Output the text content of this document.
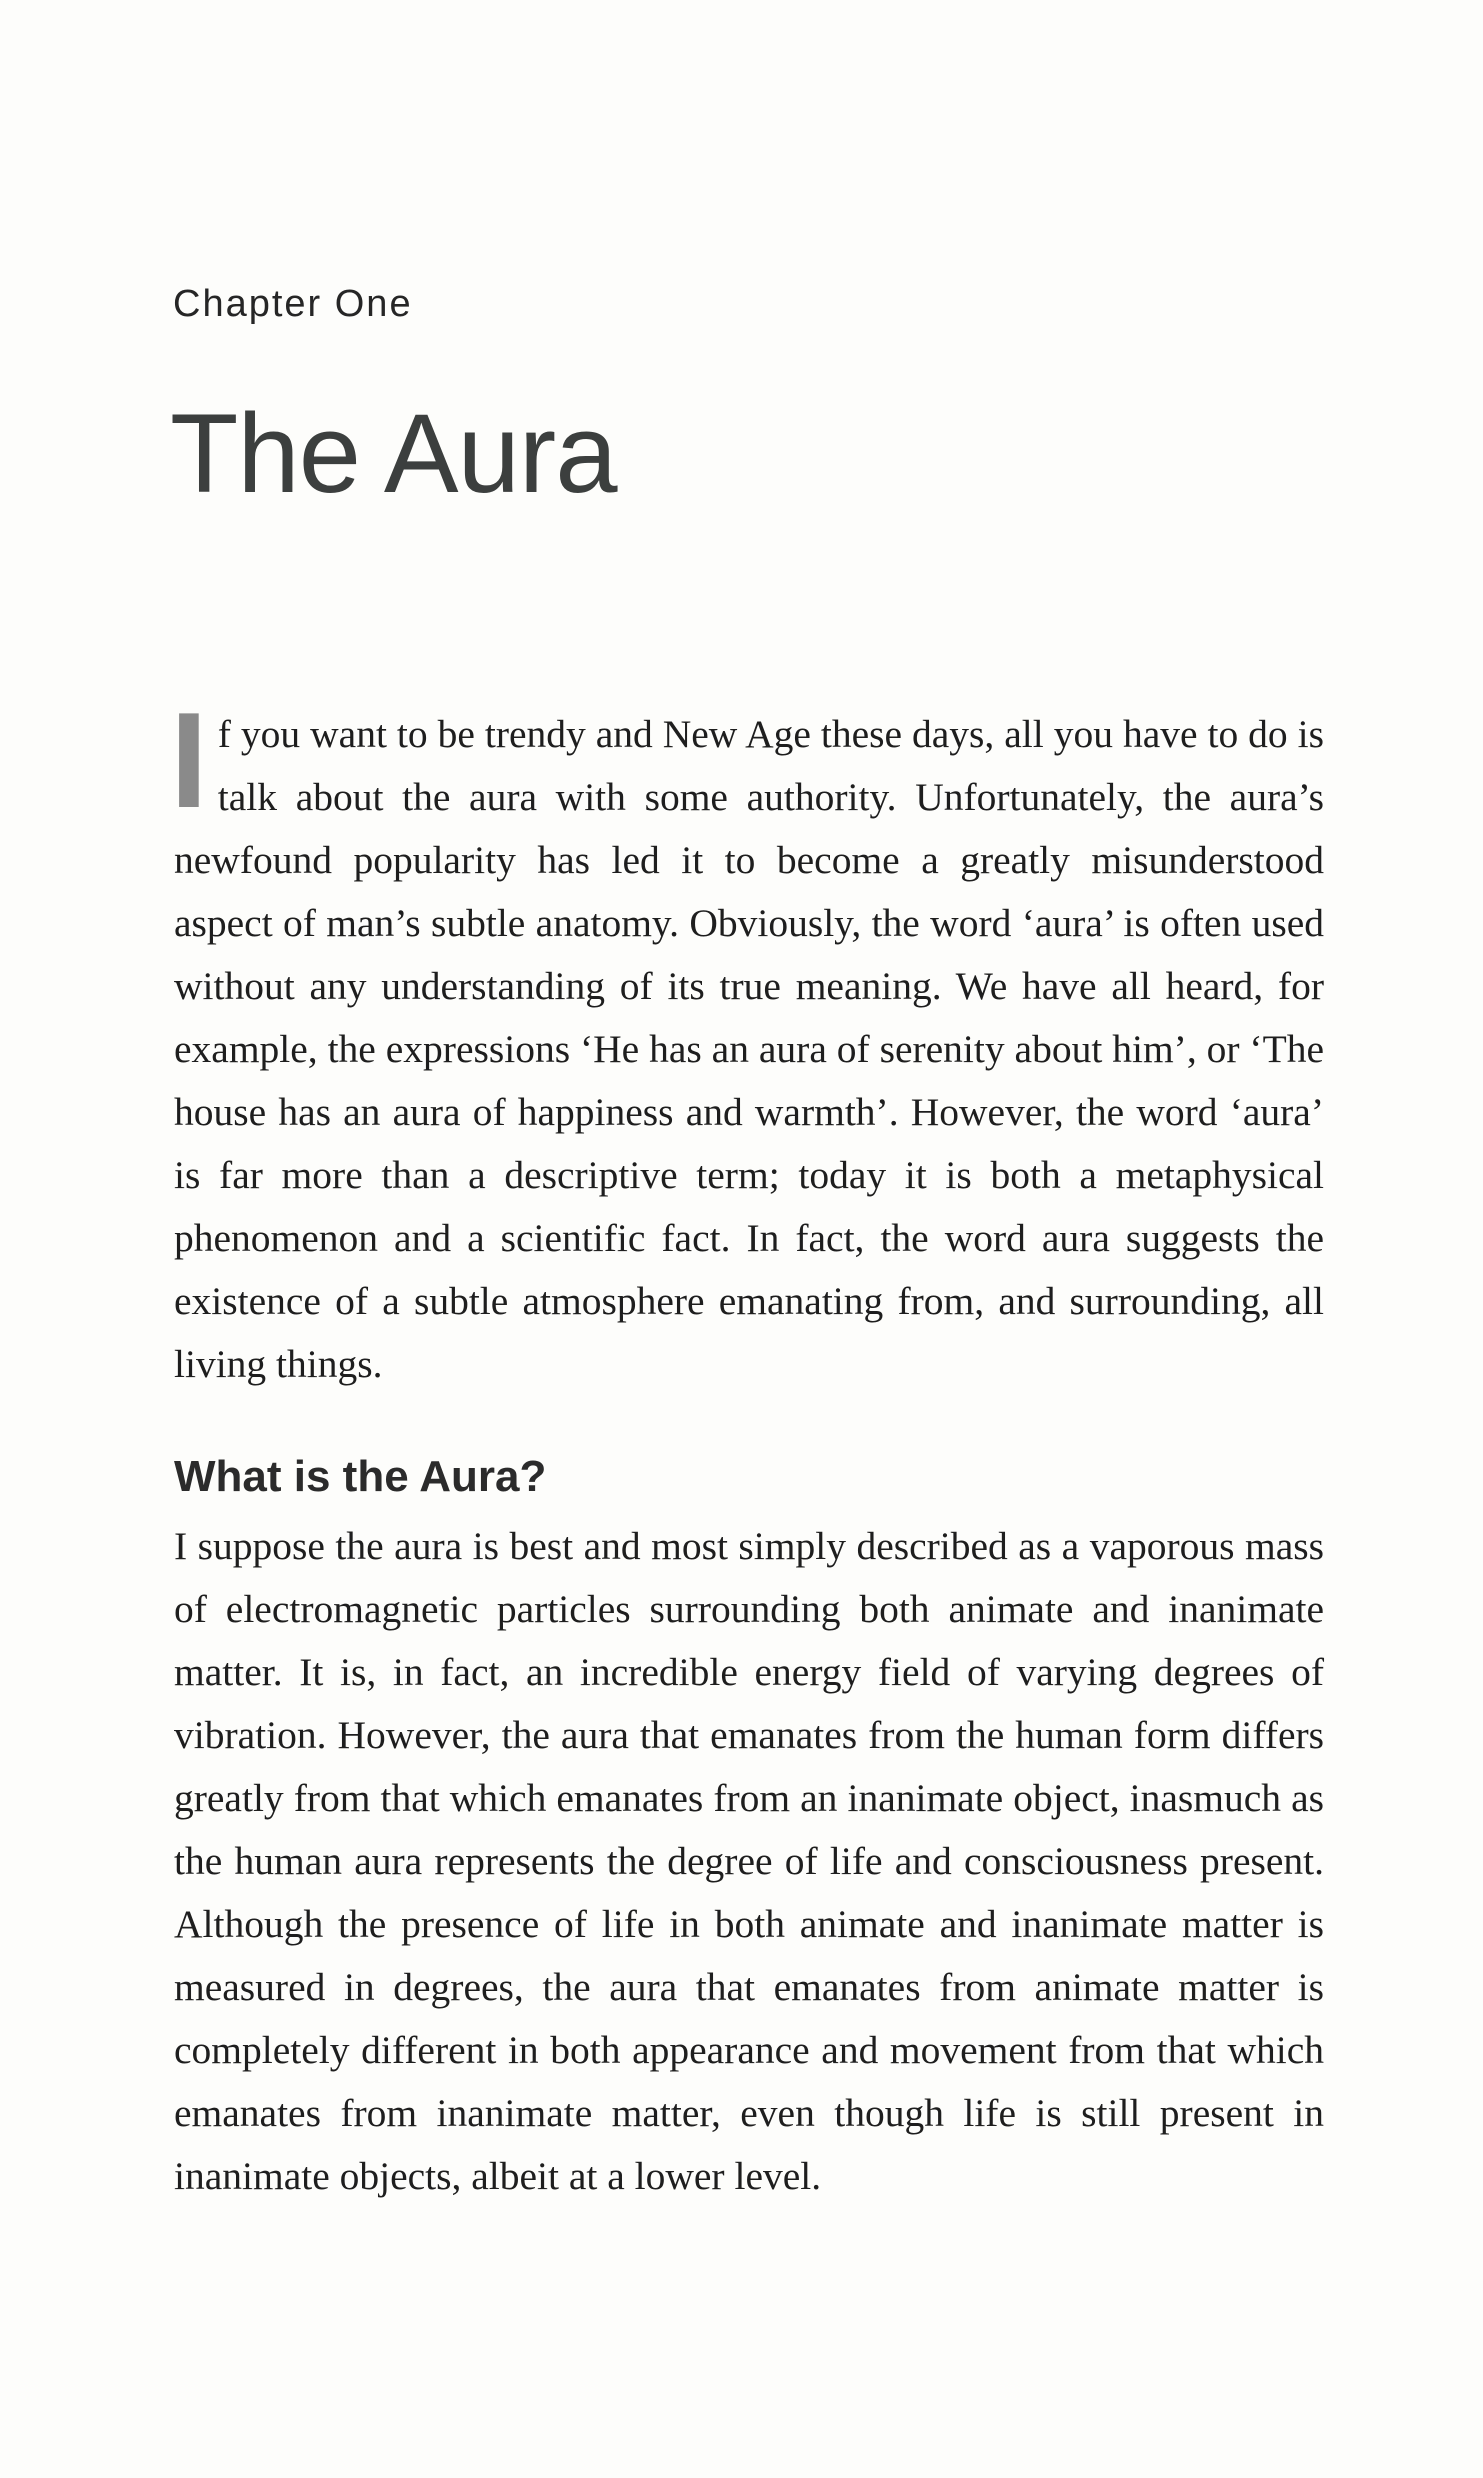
Chapter One
The Aura

If you want to be trendy and New Age these days, all you have to do is talk about the aura with some authority. Unfortunately, the aura’s newfound popularity has led it to become a greatly misunderstood aspect of man’s subtle anatomy. Obviously, the word ‘aura’ is often used without any understanding of its true meaning. We have all heard, for example, the expressions ‘He has an aura of serenity about him’, or ‘The house has an aura of happiness and warmth’. However, the word ‘aura’ is far more than a descriptive term; today it is both a metaphysical phenomenon and a scientific fact. In fact, the word aura suggests the existence of a subtle atmosphere emanating from, and surrounding, all living things.

What is the Aura?

I suppose the aura is best and most simply described as a vaporous mass of electromagnetic particles surrounding both animate and inanimate matter. It is, in fact, an incredible energy field of varying degrees of vibration. However, the aura that emanates from the human form differs greatly from that which emanates from an inanimate object, inasmuch as the human aura represents the degree of life and consciousness present. Although the presence of life in both animate and inanimate matter is measured in degrees, the aura that emanates from animate matter is completely different in both appearance and movement from that which emanates from inanimate matter, even though life is still present in inanimate objects, albeit at a lower level.
